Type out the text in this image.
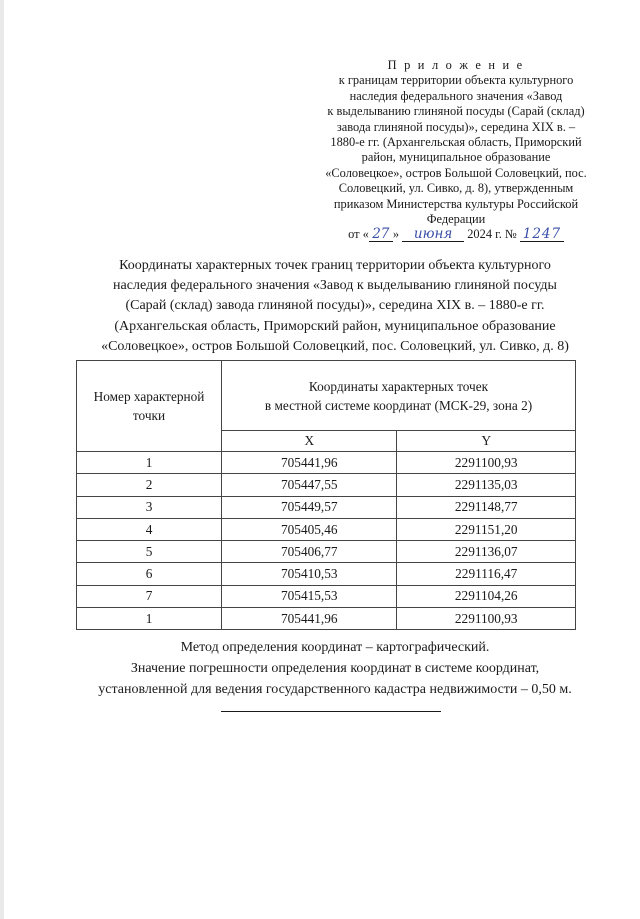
П р и л о ж е н и е
к границам территории объекта культурного
наследия федерального значения «Завод
к выделыванию глиняной посуды (Сарай (склад)
завода глиняной посуды)», середина XIX в. –
1880-е гг. (Архангельская область, Приморский
район, муниципальное образование
«Соловецкое», остров Большой Соловецкий, пос.
Соловецкий, ул. Сивко, д. 8), утвержденным
приказом Министерства культуры Российской
Федерации
от « 27 » июня 2024 г. № 1247
Координаты характерных точек границ территории объекта культурного
наследия федерального значения «Завод к выделыванию глиняной посуды
(Сарай (склад) завода глиняной посуды)», середина XIX в. – 1880-е гг.
(Архангельская область, Приморский район, муниципальное образование
«Соловецкое», остров Большой Соловецкий, пос. Соловецкий, ул. Сивко, д. 8)
Номер характерной точки	Координаты характерных точек
в местной системе координат (МСК-29, зона 2)	

	X	Y
1	705441,96	2291100,93
2	705447,55	2291135,03
3	705449,57	2291148,77
4	705405,46	2291151,20
5	705406,77	2291136,07
6	705410,53	2291116,47
7	705415,53	2291104,26
1	705441,96	2291100,93
Метод определения координат – картографический.
Значение погрешности определения координат в системе координат,
установленной для ведения государственного кадастра недвижимости – 0,50 м.
